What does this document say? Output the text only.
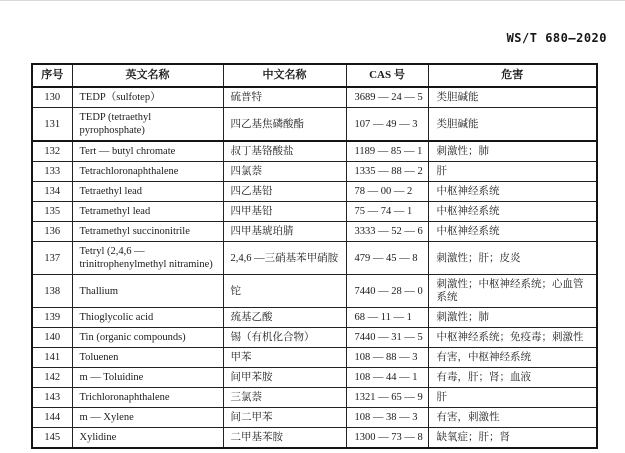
WS/T 680—2020
序号	英文名称	中文名称	CAS 号	危害
130	TEDP（sulfotep）	硫普特	3689 — 24 — 5	类胆碱能
131	TEDP (tetraethyl pyrophosphate)	四乙基焦磷酸酯	107 — 49 — 3	类胆碱能
132	Tert — butyl chromate	叔丁基铬酸盐	1189 — 85 — 1	刺激性；肺
133	Tetrachloronaphthalene	四氯萘	1335 — 88 — 2	肝
134	Tetraethyl lead	四乙基铅	78 — 00 — 2	中枢神经系统
135	Tetramethyl lead	四甲基铅	75 — 74 — 1	中枢神经系统
136	Tetramethyl succinonitrile	四甲基琥珀腈	3333 — 52 — 6	中枢神经系统
137	Tetryl (2,4,6 — trinitrophenylmethyl nitramine)	2,4,6 —三硝基苯甲硝胺	479 — 45 — 8	刺激性；肝；皮炎
138	Thallium	铊	7440 — 28 — 0	刺激性；中枢神经系统；心血管系统
139	Thioglycolic acid	巯基乙酸	68 — 11 — 1	刺激性；肺
140	Tin (organic compounds)	锡（有机化合物）	7440 — 31 — 5	中枢神经系统；免疫毒；刺激性
141	Toluenen	甲苯	108 — 88 — 3	有害，中枢神经系统
142	m — Toluidine	间甲苯胺	108 — 44 — 1	有毒，肝；肾；血液
143	Trichloronaphthalene	三氯萘	1321 — 65 — 9	肝
144	m — Xylene	间二甲苯	108 — 38 — 3	有害，刺激性
145	Xylidine	二甲基苯胺	1300 — 73 — 8	缺氧症；肝；肾
